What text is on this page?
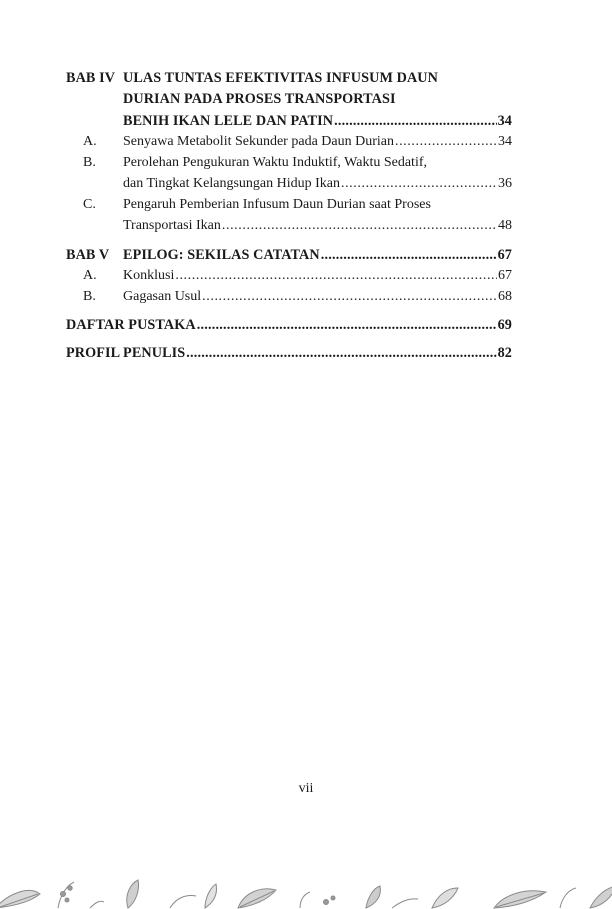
BAB IV ULAS TUNTAS EFEKTIVITAS INFUSUM DAUN
DURIAN PADA PROSES TRANSPORTASI
BENIH IKAN LELE DAN PATIN .....	34
A.	Senyawa Metabolit Sekunder pada Daun Durian .....	34
B.	Perolehan Pengukuran Waktu Induktif, Waktu Sedatif,
dan Tingkat Kelangsungan Hidup Ikan .....	36
C.	Pengaruh Pemberian Infusum Daun Durian saat Proses
Transportasi Ikan .....	48
BAB V EPILOG: SEKILAS CATATAN .....	67
A.	Konklusi .....	67
B.	Gagasan Usul .....	68
DAFTAR PUSTAKA .....	69
PROFIL PENULIS .....	82
vii
